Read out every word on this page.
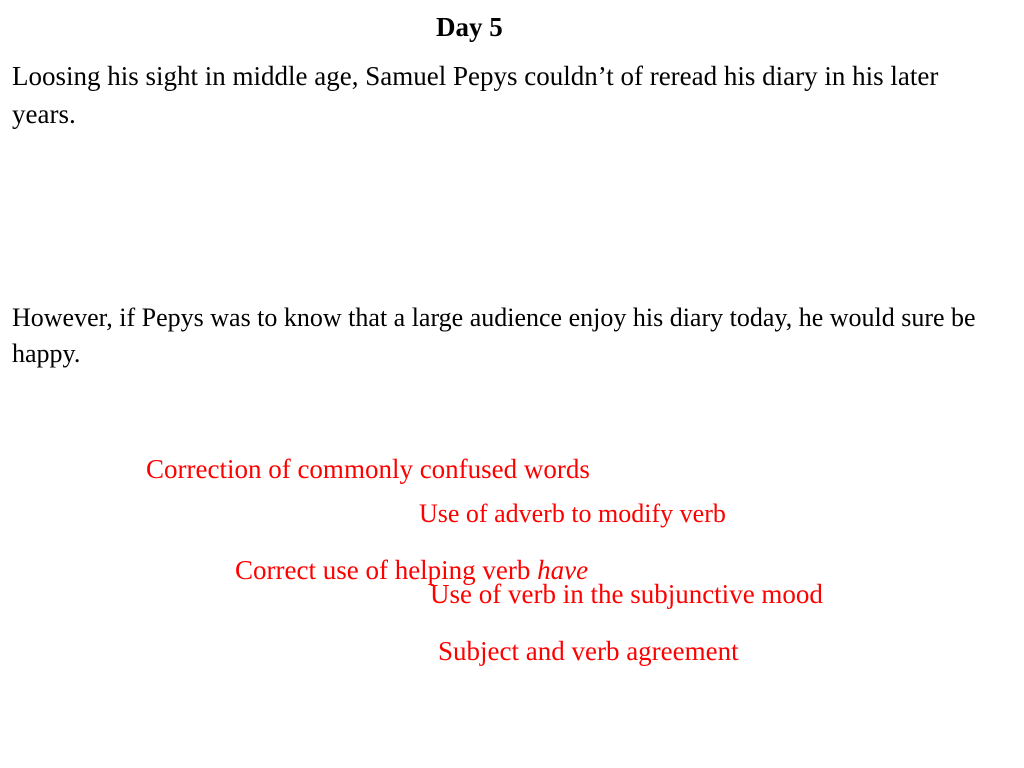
Day 5
Loosing his sight in middle age, Samuel Pepys couldn’t of reread his diary in his later years.
However, if Pepys was to know that a large audience enjoy his diary today, he would sure be happy.
Correction of commonly confused words
Use of adverb to modify verb
Correct use of helping verb have
Use of verb in the subjunctive mood
Subject and verb agreement
